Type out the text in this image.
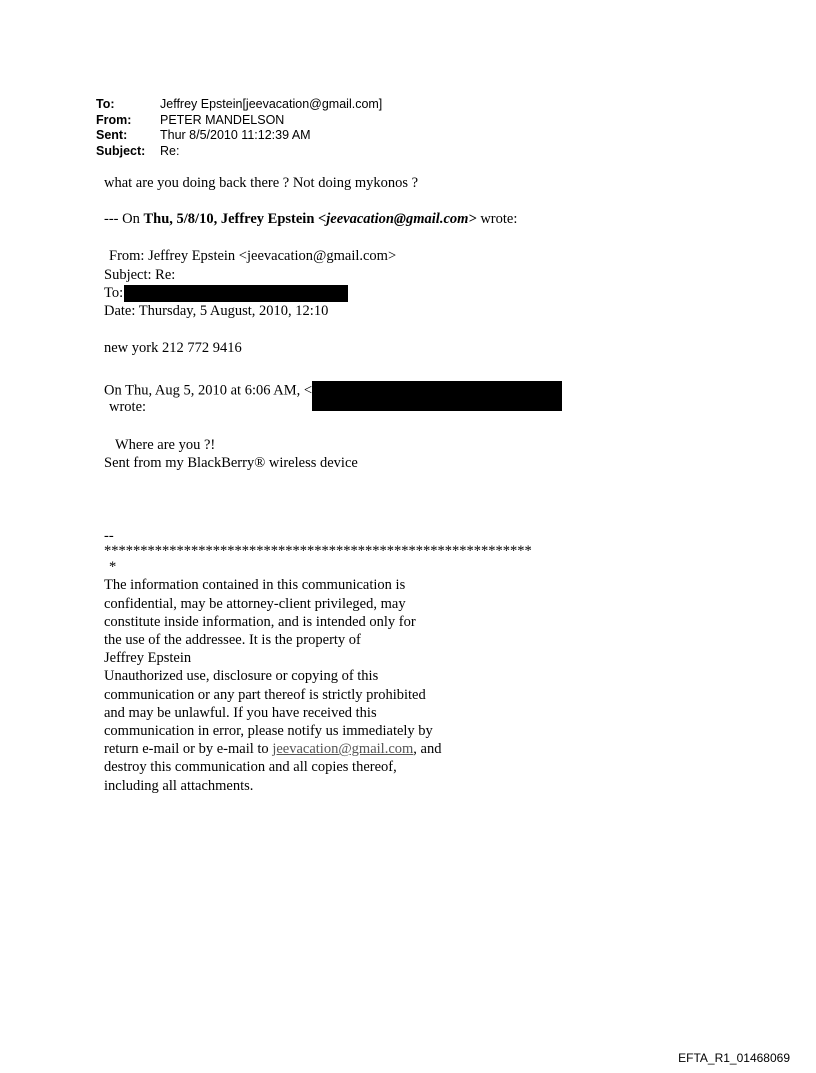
To:	Jeffrey Epstein[jeevacation@gmail.com]
From:	PETER MANDELSON
Sent:	Thur 8/5/2010 11:12:39 AM
Subject:	Re:

what are you doing back there ? Not doing mykonos ?

--- On Thu, 5/8/10, Jeffrey Epstein <jeevacation@gmail.com> wrote:

From: Jeffrey Epstein <jeevacation@gmail.com>

Subject: Re:

To:

Date: Thursday, 5 August, 2010, 12:10

new york 212 772 9416

On Thu, Aug 5, 2010 at 6:06 AM, <

wrote:

Where are you ?!

Sent from my BlackBerry® wireless device

--

***********************************************************

*

The information contained in this communication is

confidential, may be attorney-client privileged, may

constitute inside information, and is intended only for

the use of the addressee. It is the property of

Jeffrey Epstein

Unauthorized use, disclosure or copying of this

communication or any part thereof is strictly prohibited

and may be unlawful. If you have received this

communication in error, please notify us immediately by

return e-mail or by e-mail to jeevacation@gmail.com, and

destroy this communication and all copies thereof,

including all attachments.

EFTA_R1_01468069
